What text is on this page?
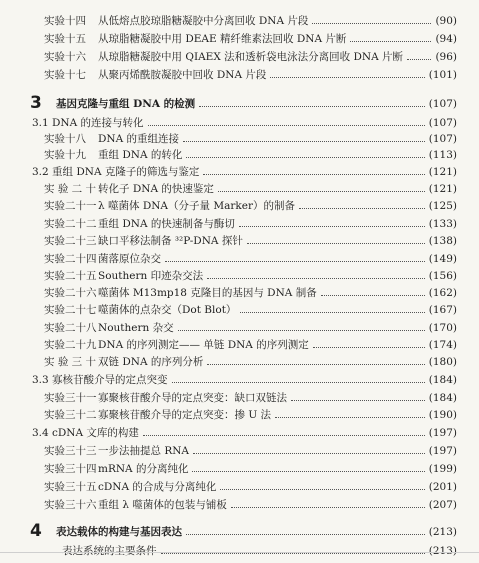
实验十四 从低熔点胶琼脂糖凝胶中分离回收 DNA 片段	(90)
实验十五 从琼脂糖凝胶中用 DEAE 精纤维素法回收 DNA 片断	(94)
实验十六 从琼脂糖凝胶中用 QIAEX 法和透析袋电泳法分离回收 DNA 片断	(96)
实验十七 从聚丙烯酰胺凝胶中回收 DNA 片段	(101)
3 基因克隆与重组 DNA 的检测	(107)
3.1 DNA 的连接与转化	(107)
实验十八 DNA 的重组连接	(107)
实验十九 重组 DNA 的转化	(113)
3.2 重组 DNA 克隆子的筛选与鉴定	(121)
实 验 二 十 转化子 DNA 的快速鉴定	(121)
实验二十一 λ 噬菌体 DNA（分子量 Marker）的制备	(125)
实验二十二 重组 DNA 的快速制备与酶切	(133)
实验二十三 缺口平移法制备 ³²P-DNA 探针	(138)
实验二十四 菌落原位杂交	(149)
实验二十五 Southern 印迹杂交法	(156)
实验二十六 噬菌体 M13mp18 克隆目的基因与 DNA 制备	(162)
实验二十七 噬菌体的点杂交（Dot Blot）	(167)
实验二十八 Nouthern 杂交	(170)
实验二十九 DNA 的序列测定—— 单链 DNA 的序列测定	(174)
实 验 三 十 双链 DNA 的序列分析	(180)
3.3 寡核苷酸介导的定点突变	(184)
实验三十一 寡聚核苷酸介导的定点突变：缺口双链法	(184)
实验三十二 寡聚核苷酸介导的定点突变：掺 U 法	(190)
3.4 cDNA 文库的构建	(197)
实验三十三 一步法抽提总 RNA	(197)
实验三十四 mRNA 的分离纯化	(199)
实验三十五 cDNA 的合成与分离纯化	(201)
实验三十六 重组 λ 噬菌体的包装与铺板	(207)
4 表达载体的构建与基因表达	(213)
表达系统的主要条件	(213)
